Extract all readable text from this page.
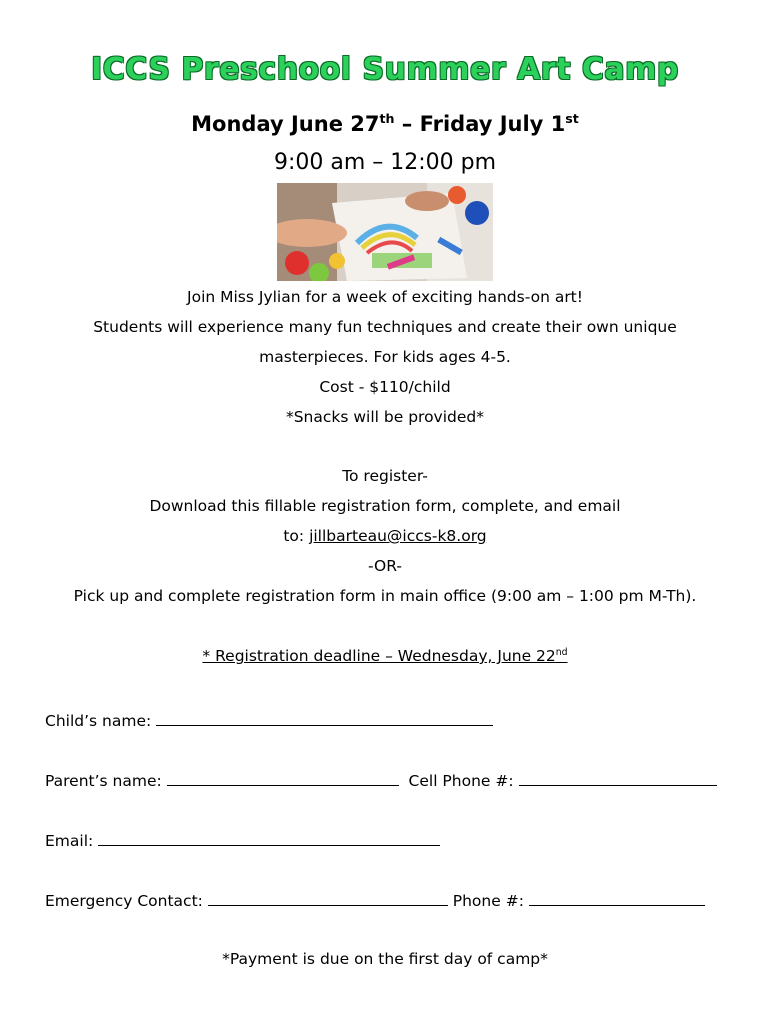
ICCS Preschool Summer Art Camp
Monday June 27th – Friday July 1st
9:00 am – 12:00 pm
Join Miss Jylian for a week of exciting hands-on art!
Students will experience many fun techniques and create their own unique
masterpieces. For kids ages 4-5.
Cost - $110/child
*Snacks will be provided*
To register-
Download this fillable registration form, complete, and email
to: jillbarteau@iccs-k8.org
-OR-
Pick up and complete registration form in main office (9:00 am – 1:00 pm M-Th).
* Registration deadline – Wednesday, June 22nd
Child’s name:
Parent’s name:	Cell Phone #:
Email:
Emergency Contact:	Phone #:
*Payment is due on the first day of camp*
